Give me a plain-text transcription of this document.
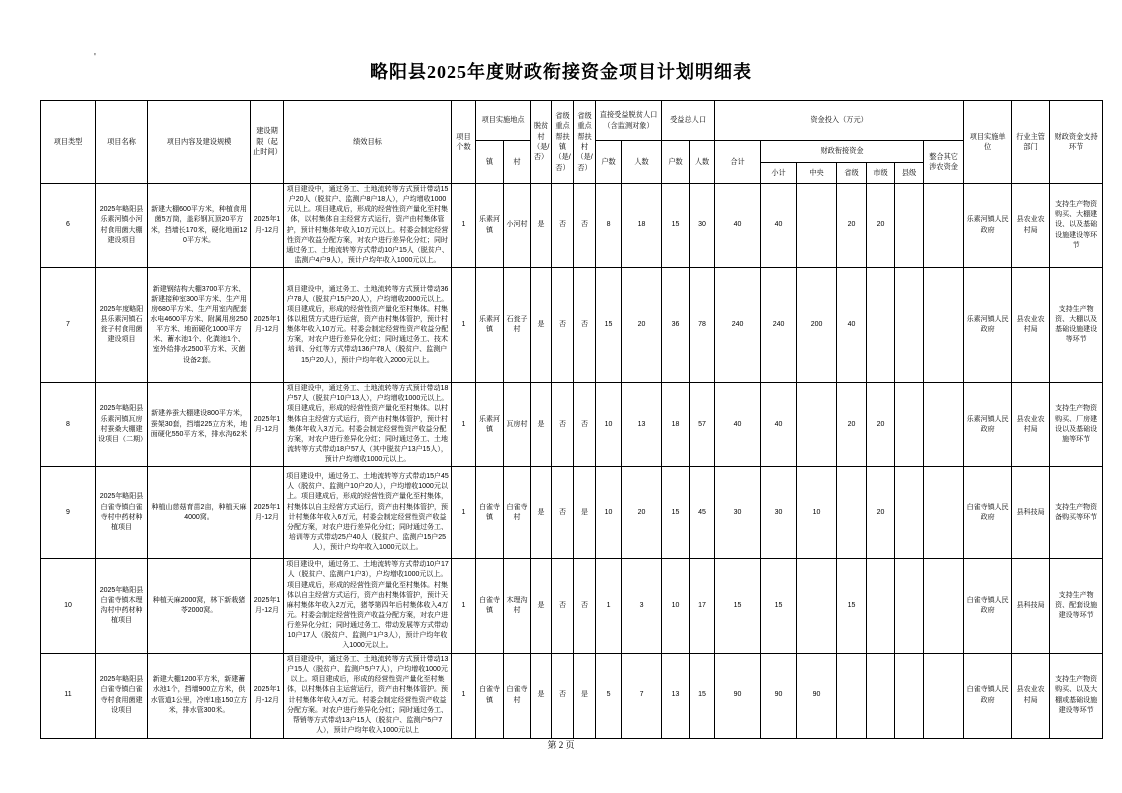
'
略阳县2025年度财政衔接资金项目计划明细表
项目类型	项目名称	项目内容及建设规模	建设期限（起止时间）	绩效目标	项目个数	项目实施地点		脱贫村（是/否）	省级重点帮扶镇（是/否）	省级重点帮扶村（是/否）	直接受益脱贫人口（含监测对象）		受益总人口		资金投入（万元）							项目实施单位	行业主管部门	财政资金支持环节
						镇	村				户数	人数	户数	人数	合计	财政衔接资金					整合其它涉农资金			
																小计	中央	省级	市级	县级				
6	2025年略阳县乐素河镇小河村食用菌大棚建设项目	新建大棚600平方米，种植食用菌5万筒，盖彩钢瓦顶20平方米，挡墙长170米，硬化地面120平方米。	2025年1月-12月	项目建设中，通过务工、土地流转等方式预计带动15户20人（脱贫户、监测户8户18人），户均增收1000元以上。项目建成后，形成的经营性资产量化至村集体，以村集体自主经营方式运行，资产由村集体管护，预计村集体年收入10万元以上。村委会制定经营性资产收益分配方案，对农户进行差异化分红；同时通过务工、土地流转等方式带动10户15人（脱贫户、监测户4户9人），预计户均年收入1000元以上。	1	乐素河镇	小河村	是	否	否	8	18	15	30	40	40		20	20			乐素河镇人民政府	县农业农村局	支持生产物资购买、大棚建设、以及基础设施建设等环节
7	2025年度略阳县乐素河镇石瓮子村食用菌建设项目	新建钢结构大棚3700平方米、新建接种室300平方米、生产用房680平方米、生产用室内配套水电4600平方米、附属用房250平方米、地面硬化1000平方米、蓄水池1个、化粪池1个、室外给排水2500平方米、灭菌设备2套。	2025年1月-12月	项目建设中，通过务工、土地流转等方式预计带动36户78人（脱贫户15户20人），户均增收2000元以上。项目建成后，形成的经营性资产量化至村集体。村集体以租赁方式进行运营，资产由村集体管护，预计村集体年收入10万元。村委会制定经营性资产收益分配方案，对农户进行差异化分红；同时通过务工、技术培训、分红等方式带动136户78人（脱贫户、监测户15户20人），预计户均年收入2000元以上。	1	乐素河镇	石瓮子村	是	否	否	15	20	36	78	240	240	200	40				乐素河镇人民政府	县农业农村局	支持生产物资、大棚以及基础设施建设等环节
8	2025年略阳县乐素河镇瓦房村蚕桑大棚建设项目（二期）	新建养蚕大棚建设800平方米，蚕架30套，挡墙225立方米，地面硬化550平方米，排水沟62米	2025年1月-12月	项目建设中，通过务工、土地流转等方式预计带动18户57人（脱贫户10户13人），户均增收1000元以上。项目建成后，形成的经营性资产量化至村集体。以村集体自主经营方式运行，资产由村集体管护，预计村集体年收入3万元。村委会制定经营性资产收益分配方案，对农户进行差异化分红；同时通过务工、土地流转等方式带动18户57人（其中脱贫户13户15人），预计户均增收1000元以上。	1	乐素河镇	瓦房村	是	否	否	10	13	18	57	40	40		20	20			乐素河镇人民政府	县农业农村局	支持生产物资购买、厂房建设以及基础设施等环节
9	2025年略阳县白雀寺镇白雀寺村中药材种植项目	种植山慈菇育苗2亩，种植天麻4000窝。	2025年1月-12月	项目建设中，通过务工、土地流转等方式带动15户45人（脱贫户、监测户10户20人），户均增收1000元以上。项目建成后，形成的经营性资产量化至村集体，村集体以自主经营方式运行，资产由村集体管护，预计村集体年收入6万元，村委会制定经营性资产收益分配方案，对农户进行差异化分红；同时通过务工、培训等方式带动25户40人（脱贫户、监测户15户25人），预计户均年收入1000元以上。	1	白雀寺镇	白雀寺村	是	否	是	10	20	15	45	30	30	10		20			白雀寺镇人民政府	县科技局	支持生产物资备购买等环节
10	2025年略阳县白雀寺镇木理沟村中药材种植项目	种植天麻2000窝，林下新栽猪苓2000窝。	2025年1月-12月	项目建设中，通过务工、土地流转等方式带动10户17人（脱贫户、监测户1户3），户均增收1000元以上。项目建成后，形成的经营性资产量化至村集体。村集体以自主经营方式运行，资产由村集体管护，预计天麻村集体年收入2万元，猪苓第四年后村集体收入4万元。村委会制定经营性资产收益分配方案，对农户进行差异化分红；同时通过务工、带动发展等方式带动10户17人（脱贫户、监测户1户3人），预计户均年收入1000元以上。	1	白雀寺镇	木理沟村	是	否	否	1	3	10	17	15	15		15				白雀寺镇人民政府	县科技局	支持生产物资、配套设施建设等环节
11	2025年略阳县白雀寺镇白雀寺村食用菌建设项目	新建大棚1200平方米，新建蓄水池1个，挡墙900立方米，供水管道1公里，冷库1座150立方米，排水管300米。	2025年1月-12月	项目建设中，通过务工、土地流转等方式预计带动13户15人（脱贫户、监测户5户7人），户均增收1000元以上。项目建成后，形成的经营性资产量化至村集体，以村集体自主运营运行，资产由村集体管护。预计村集体年收入4万元。村委会制定经营性资产收益分配方案。对农户进行差异化分红；同时通过务工、帮销等方式带动13户15人（脱贫户、监测户5户7人），预计户均年收入1000元以上	1	白雀寺镇	白雀寺村	是	否	是	5	7	13	15	90	90	90					白雀寺镇人民政府	县农业农村局	支持生产物资购买、以及大棚或基础设施建设等环节
第 2 页
